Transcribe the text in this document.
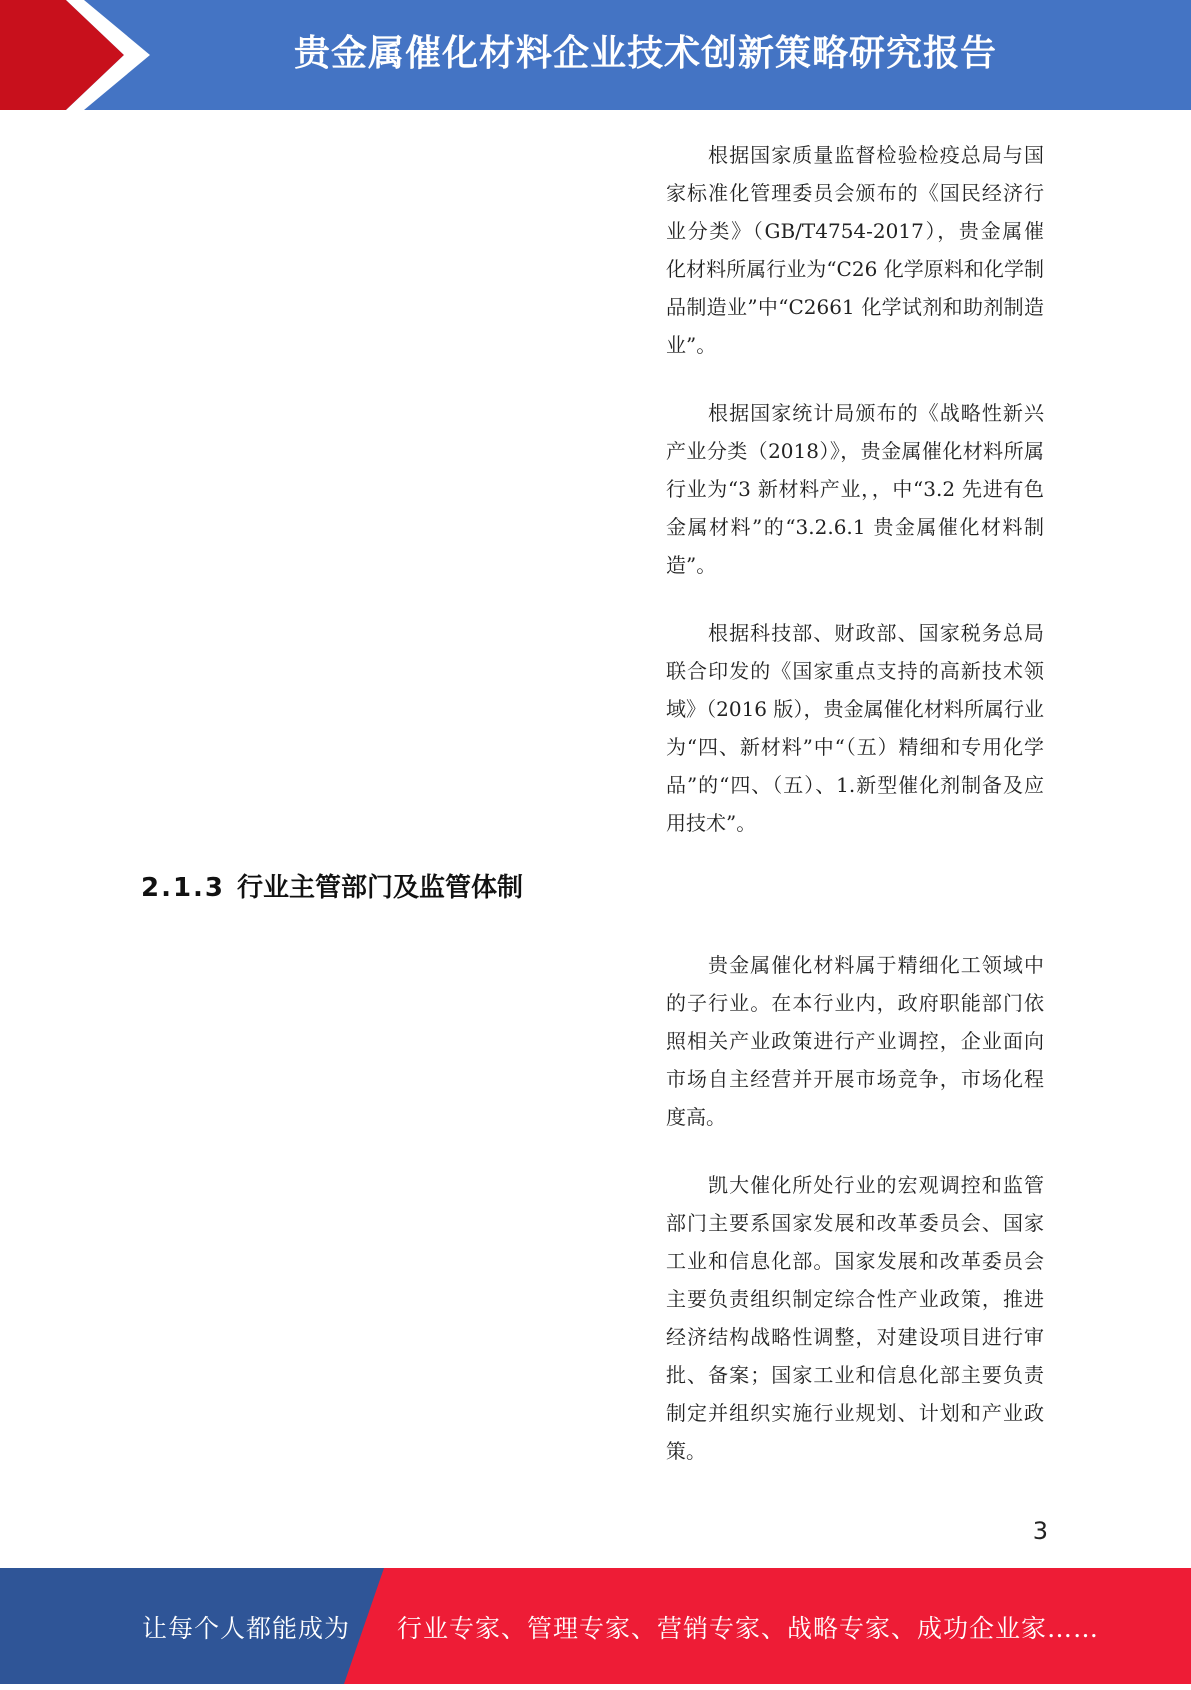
贵金属催化材料企业技术创新策略研究报告

根据国家质量监督检验检疫总局与国家标准化管理委员会颁布的《国民经济行业分类》（GB/T4754-2017），贵金属催化材料所属行业为“C26 化学原料和化学制品制造业”中“C2661 化学试剂和助剂制造业”。

根据国家统计局颁布的《战略性新兴产业分类（2018）》，贵金属催化材料所属行业为“3 新材料产业，，中“3.2 先进有色金属材料”的“3.2.6.1 贵金属催化材料制造”。

根据科技部、财政部、国家税务总局联合印发的《国家重点支持的高新技术领域》（2016 版），贵金属催化材料所属行业为“四、新材料”中“（五）精细和专用化学品”的“四、（五）、1.新型催化剂制备及应用技术”。

2.1.3 行业主管部门及监管体制

贵金属催化材料属于精细化工领域中的子行业。在本行业内，政府职能部门依照相关产业政策进行产业调控，企业面向市场自主经营并开展市场竞争，市场化程度高。

凯大催化所处行业的宏观调控和监管部门主要系国家发展和改革委员会、国家工业和信息化部。国家发展和改革委员会主要负责组织制定综合性产业政策，推进经济结构战略性调整，对建设项目进行审批、备案；国家工业和信息化部主要负责制定并组织实施行业规划、计划和产业政策。

3
让每个人都能成为 行业专家、管理专家、营销专家、战略专家、成功企业家……
